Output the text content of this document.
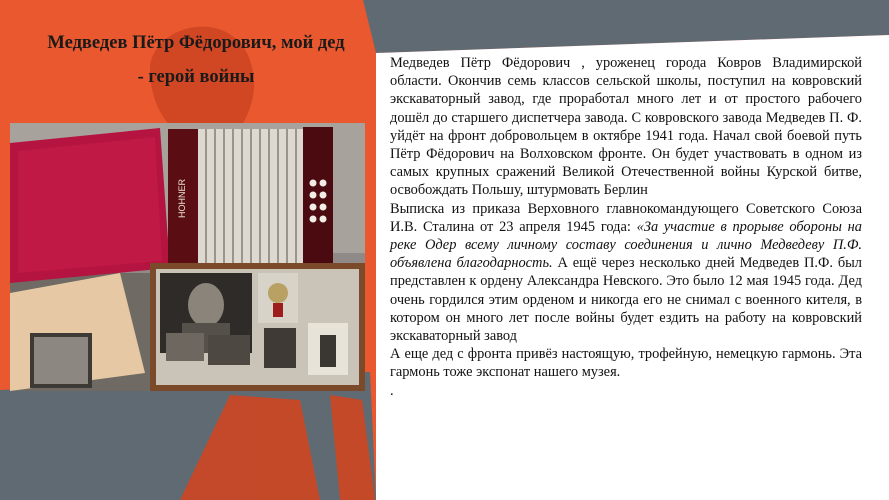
Медведев Пётр Фёдорович, мой дед
- герой войны
HOHNER

Медведев Пётр Фёдорович , уроженец города Ковров Владимирской области. Окончив семь классов сельской школы, поступил на ковровский экскаваторный завод, где проработал много лет и от простого рабочего дошёл до старшего диспетчера завода. С ковровского завода Медведев П. Ф. уйдёт на фронт добровольцем в октябре 1941 года. Начал свой боевой путь Пётр Фёдорович на Волховском фронте. Он будет участвовать в одном из самых крупных сражений Великой Отечественной войны Курской битве, освобождать Польшу, штурмовать Берлин

Выписка из приказа Верховного главнокомандующего Советского Союза И.В. Сталина от 23 апреля 1945 года: «За участие в прорыве обороны на реке Одер всему личному составу соединения и лично Медведеву П.Ф. объявлена благодарность. А ещё через несколько дней Медведев П.Ф. был представлен к ордену Александра Невского. Это было 12 мая 1945 года. Дед очень гордился этим орденом и никогда его не снимал с военного кителя, в котором он много лет после войны будет ездить на работу на ковровский экскаваторный завод

А еще дед с фронта привёз настоящую, трофейную, немецкую гармонь. Эта гармонь тоже экспонат нашего музея.

.
